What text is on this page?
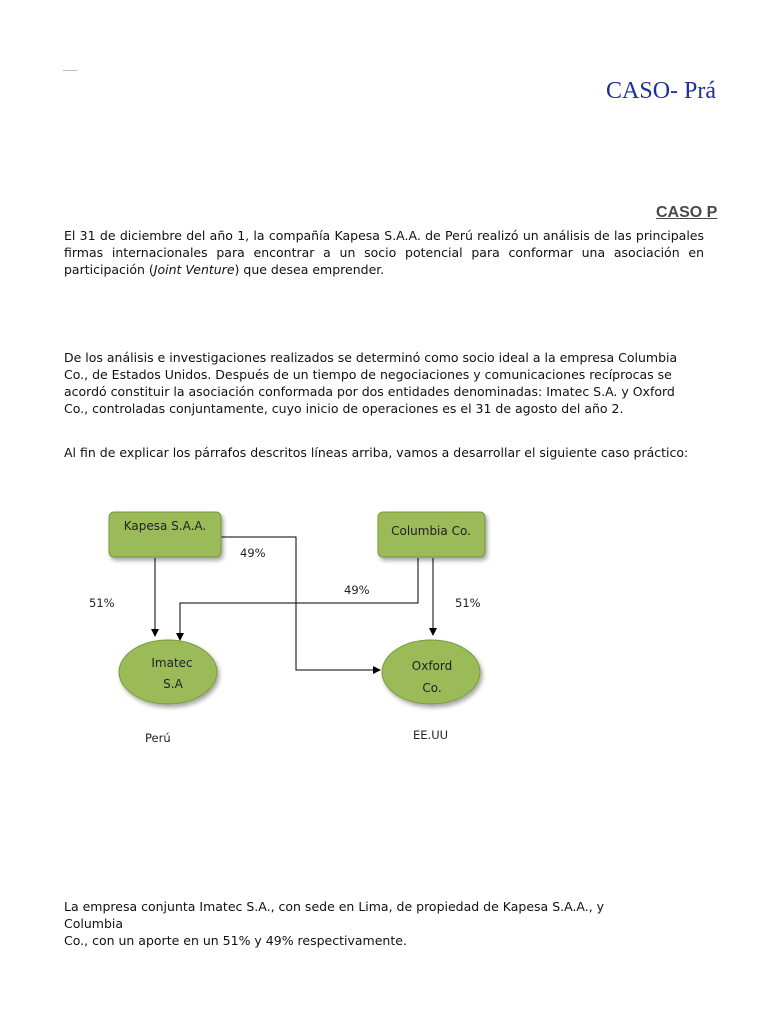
CASO- Prá
CASO P

El 31 de diciembre del año 1, la compañía Kapesa S.A.A. de Perú realizó un análisis de las principales firmas internacionales para encontrar a un socio potencial para conformar una asociación en participación (Joint Venture) que desea emprender.

De los análisis e investigaciones realizados se determinó como socio ideal a la empresa Columbia Co., de Estados Unidos. Después de un tiempo de negociaciones y comunicaciones recíprocas se acordó constituir la asociación conformada por dos entidades denominadas: Imatec S.A. y Oxford
Co., controladas conjuntamente, cuyo inicio de operaciones es el 31 de agosto del año 2.

Al fin de explicar los párrafos descritos líneas arriba, vamos a desarrollar el siguiente caso práctico:

Kapesa S.A.A.	Columbia Co.
Imatec
S.A
Oxford
Co.
51%
49%
49%
51%
Perú	EE.UU

La empresa conjunta Imatec S.A., con sede en Lima, de propiedad de Kapesa S.A.A., y Columbia
Co., con un aporte en un 51% y 49% respectivamente.
